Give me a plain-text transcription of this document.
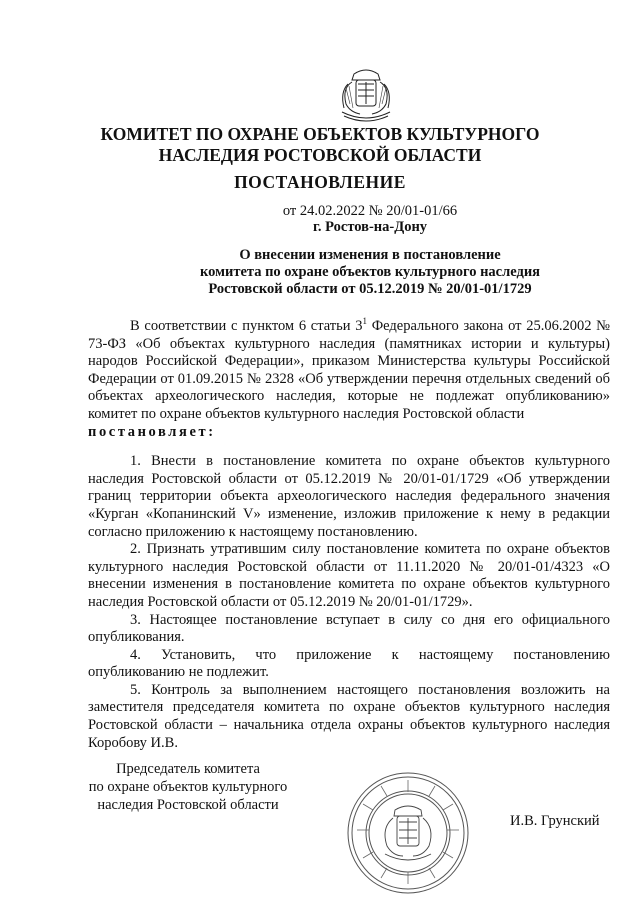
КОМИТЕТ ПО ОХРАНЕ ОБЪЕКТОВ КУЛЬТУРНОГО
НАСЛЕДИЯ РОСТОВСКОЙ ОБЛАСТИ
ПОСТАНОВЛЕНИЕ
от 24.02.2022 № 20/01-01/66
г. Ростов-на-Дону
О внесении изменения в постановление
комитета по охране объектов культурного наследия
Ростовской области от 05.12.2019 № 20/01-01/1729

В соответствии с пунктом 6 статьи $3^1$ Федерального закона от 25.06.2002 № 73-ФЗ «Об объектах культурного наследия (памятниках истории и культуры) народов Российской Федерации», приказом Министерства культуры Российской Федерации от 01.09.2015 № 2328 «Об утверждении перечня отдельных сведений об объектах археологического наследия, которые не подлежат опубликованию» комитет по охране объектов культурного наследия Ростовской области

постановляет:

1. Внести в постановление комитета по охране объектов культурного наследия Ростовской области от 05.12.2019 № 20/01-01/1729 «Об утверждении границ территории объекта археологического наследия федерального значения «Курган «Копанинский V» изменение, изложив приложение к нему в редакции согласно приложению к настоящему постановлению.

2. Признать утратившим силу постановление комитета по охране объектов культурного наследия Ростовской области от 11.11.2020 № 20/01-01/4323 «О внесении изменения в постановление комитета по охране объектов культурного наследия Ростовской области от 05.12.2019 № 20/01-01/1729».

3. Настоящее постановление вступает в силу со дня его официального опубликования.

4. Установить, что приложение к настоящему постановлению опубликованию не подлежит.

5. Контроль за выполнением настоящего постановления возложить на заместителя председателя комитета по охране объектов культурного наследия Ростовской области – начальника отдела охраны объектов культурного наследия Коробову И.В.

Председатель комитета
по охране объектов культурного
наследия Ростовской области
И.В. Грунский
